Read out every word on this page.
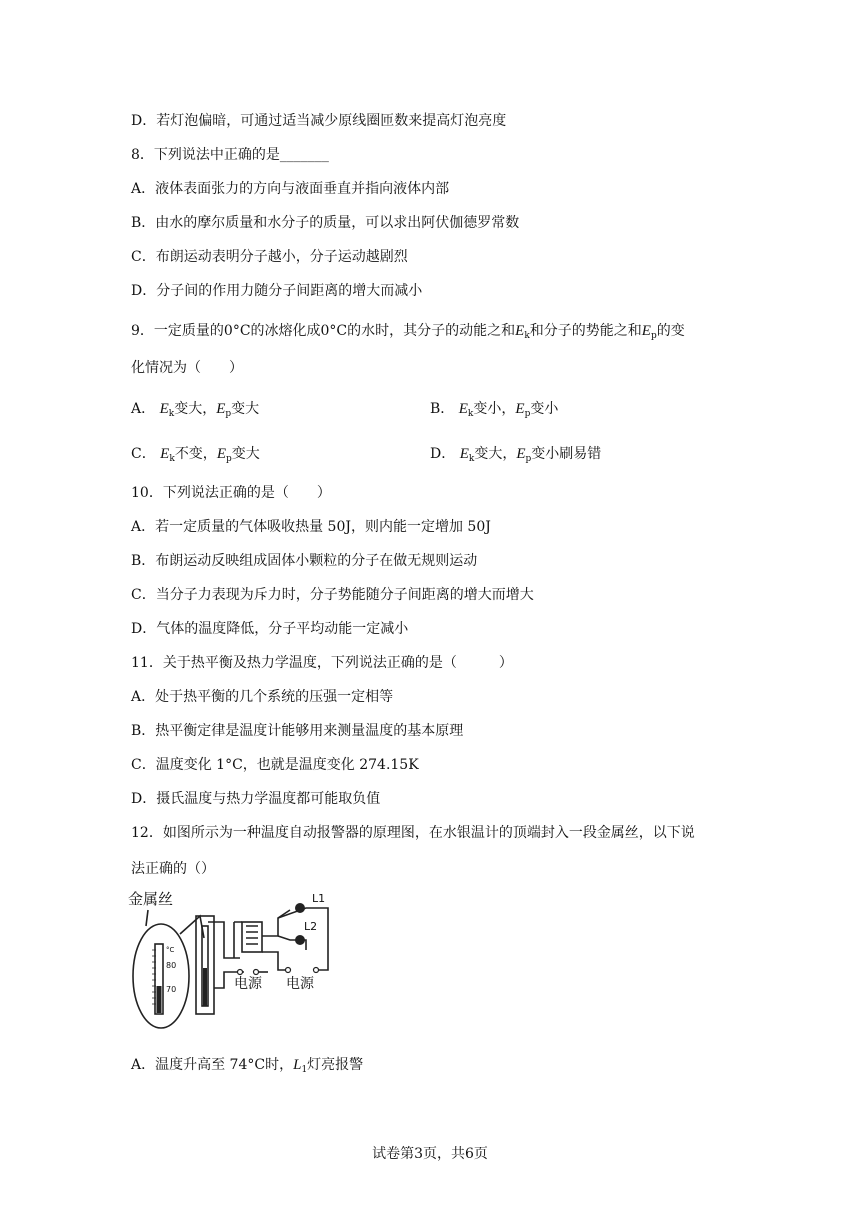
D．若灯泡偏暗，可通过适当减少原线圈匝数来提高灯泡亮度
8．下列说法中正确的是_______
A．液体表面张力的方向与液面垂直并指向液体内部
B．由水的摩尔质量和水分子的质量，可以求出阿伏伽德罗常数
C．布朗运动表明分子越小，分子运动越剧烈
D．分子间的作用力随分子间距离的增大而减小
9．一定质量的0°C的冰熔化成0°C的水时，其分子的动能之和$E_k$和分子的势能之和$E_p$的变
化情况为（　　）
A． $E_k$变大，$E_p$变大	B． $E_k$变小，$E_p$变小
C． $E_k$不变，$E_p$变大	D． $E_k$变大，$E_p$变小刷易错
10．下列说法正确的是（　　）
A．若一定质量的气体吸收热量 50J，则内能一定增加 50J
B．布朗运动反映组成固体小颗粒的分子在做无规则运动
C．当分子力表现为斥力时，分子势能随分子间距离的增大而增大
D．气体的温度降低，分子平均动能一定减小
11．关于热平衡及热力学温度，下列说法正确的是（　　　）
A．处于热平衡的几个系统的压强一定相等
B．热平衡定律是温度计能够用来测量温度的基本原理
C．温度变化 1°C，也就是温度变化 274.15K
D．摄氏温度与热力学温度都可能取负值
12．如图所示为一种温度自动报警器的原理图，在水银温计的顶端封入一段金属丝，以下说
法正确的（）
金属丝
°C
80
70	电源 电源
L1
L2
A．温度升高至 74°C时，$L_1$灯亮报警
试卷第3页，共6页
